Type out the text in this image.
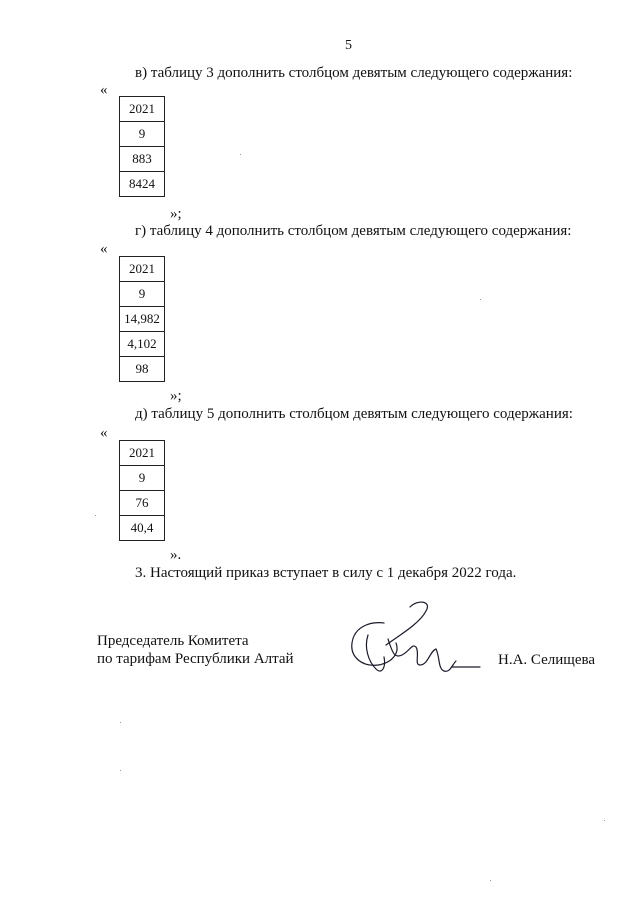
5
в) таблицу 3 дополнить столбцом девятым следующего содержания:
«
2021
9
883
8424
»;
г) таблицу 4 дополнить столбцом девятым следующего содержания:
«
2021
9
14,982
4,102
98
»;
д) таблицу 5 дополнить столбцом девятым следующего содержания:
«
2021
9
76
40,4
».
3. Настоящий приказ вступает в силу с 1 декабря 2022 года.
Председатель Комитета
по тарифам Республики Алтай	Н.А. Селищева
